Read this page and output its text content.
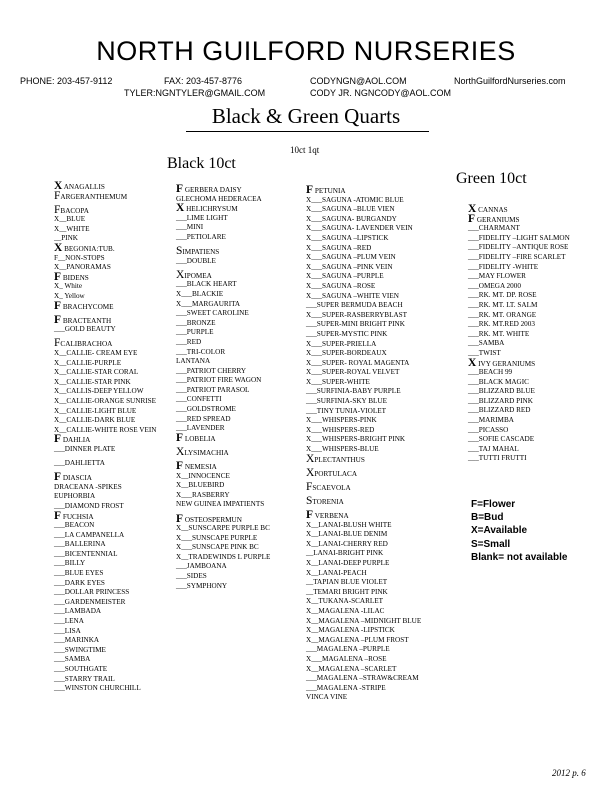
NORTH GUILFORD NURSERIES
PHONE: 203-457-9112	FAX: 203-457-8776	CODYNGN@AOL.COM	NorthGuilfordNurseries.com
TYLER:NGNTYLER@GMAIL.COM	CODY JR. NGNCODY@AOL.COM
Black & Green Quarts
10ct 1qt
Black 10ct
Green 10ct
X ANAGALLIS
FARGERANTHEMUM
FBACOPA
X__BLUE
X__WHITE
__PINK
X BEGONIA:TUB.
F__NON-STOPS
X__PANORAMAS
F BIDENS
X_ White
X_ Yellow
F BRACHYCOME
F BRACTEANTH
___GOLD BEAUTY
FCALIBRACHOA
X__CALLIE- CREAM EYE
X__CALLIE-PURPLE
X__CALLIE-STAR CORAL
X__CALLIE-STAR PINK
X__CALLIS-DEEP YELLOW
X__CALLIE-ORANGE SUNRISE
X__CALLIE-LIGHT BLUE
X__CALLIE-DARK BLUE
X__CALLIE-WHITE ROSE VEIN
F DAHLIA
___DINNER PLATE
___DAHLIETTA
F DIASCIA
DRACEANA -SPIKES
EUPHORBIA
___DIAMOND FROST
F FUCHSIA
___BEACON
___LA CAMPANELLA
___BALLERINA
___BICENTENNIAL
___BILLY
___BLUE EYES
___DARK EYES
___DOLLAR PRINCESS
___GARDENMEISTER
___LAMBADA
___LENA
___LISA
___MARINKA
___SWINGTIME
___SAMBA
___SOUTHGATE
___STARRY TRAIL
___WINSTON CHURCHILL
F GERBERA DAISY
GLECHOMA HEDERACEA
X HELICHRYSUM
___LIME LIGHT
___MINI
___PETIOLARE
SIMPATIENS
___DOUBLE
XIPOMEA
___BLACK HEART
X___BLACKIE
X___MARGAURITA
___SWEET CAROLINE
___BRONZE
___PURPLE
___RED
___TRI-COLOR
LANTANA
___PATRIOT CHERRY
___PATRIOT FIRE WAGON
___PATRIOT PARASOL
___CONFETTI
___GOLDSTROME
___RED SPREAD
___LAVENDER
F LOBELIA
XLYSIMACHIA
F NEMESIA
X__INNOCENCE
X__BLUEBIRD
X___RASBERRY
NEW GUINEA IMPATIENTS
F OSTEOSPERMUN
X__SUNSCARPE PURPLE BC
X___SUNSCAPE PURPLE
X___SUNSCAPE PINK BC
X__TRADEWINDS L PURPLE
___JAMBOANA
___SIDES
___SYMPHONY
F PETUNIA
X___SAGUNA -ATOMIC BLUE
X___SAGUNA –BLUE VIEN
X___SAGUNA- BURGANDY
X___SAGUNA- LAVENDER VEIN
X___SAGUNA –LIPSTICK
X___SAGUNA –RED
X___SAGUNA –PLUM VEIN
X___SAGUNA –PINK VEIN
X___SAGUNA –PURPLE
X___SAGUNA –ROSE
X___SAGUNA –WHITE VIEN
___SUPER BERMUDA BEACH
X___SUPER-RASBERRYBLAST
___SUPER-MINI BRIGHT PINK
___SUPER-MYSTIC PINK
X___SUPER-PRIELLA
X___SUPER-BORDEAUX
X___SUPER- ROYAL MAGENTA
X___SUPER-ROYAL VELVET
X___SUPER-WHITE
___SURFINIA-BABY PURPLE
___SURFINIA-SKY BLUE
___TINY TUNIA-VIOLET
X___WHISPERS-PINK
X___WHISPERS-RED
X___WHISPERS-BRIGHT PINK
X___WHISPERS-BLUE
XPLECTANTHUS
XPORTULACA
FSCAEVOLA
STORENIA
F VERBENA
X__LANAI-BLUSH WHITE
X__LANAI-BLUE DENIM
X__LANAI-CHERRY RED
__LANAI-BRIGHT PINK
X__LANAI-DEEP PURPLE
X__LANAI-PEACH
__TAPIAN BLUE VIOLET
__TEMARI BRIGHT PINK
X__TUKANA-SCARLET
X__MAGALENA -LILAC
X__MAGALENA –MIDNIGHT BLUE
X__MAGALENA -LIPSTICK
X__MAGALENA –PLUM FROST
___MAGALENA –PURPLE
X___MAGALENA –ROSE
X__MAGALENA –SCARLET
___MAGALENA –STRAW&CREAM
___MAGALENA -STRIPE
VINCA VINE
X CANNAS
F GERANIUMS
___CHARMANT
___FIDELITY –LIGHT SALMON
___FIDELITY –ANTIQUE ROSE
___FIDELITY –FIRE SCARLET
___FIDELITY -WHITE
___MAY FLOWER
___OMEGA 2000
___RK. MT. DP. ROSE
___RK. MT. LT. SALM
___RK. MT. ORANGE
___RK. MT.RED 2003
___RK. MT. WHITE
___SAMBA
___TWIST
X IVY GERANIUMS
___BEACH 99
___BLACK MAGIC
___BLIZZARD BLUE
___BLIZZARD PINK
___BLIZZARD RED
___MARIMBA
___PICASSO
___SOFIE CASCADE
___TAJ MAHAL
___TUTTI FRUTTI
F=Flower
B=Bud
X=Available
S=Small
Blank= not available
2012 p. 6
